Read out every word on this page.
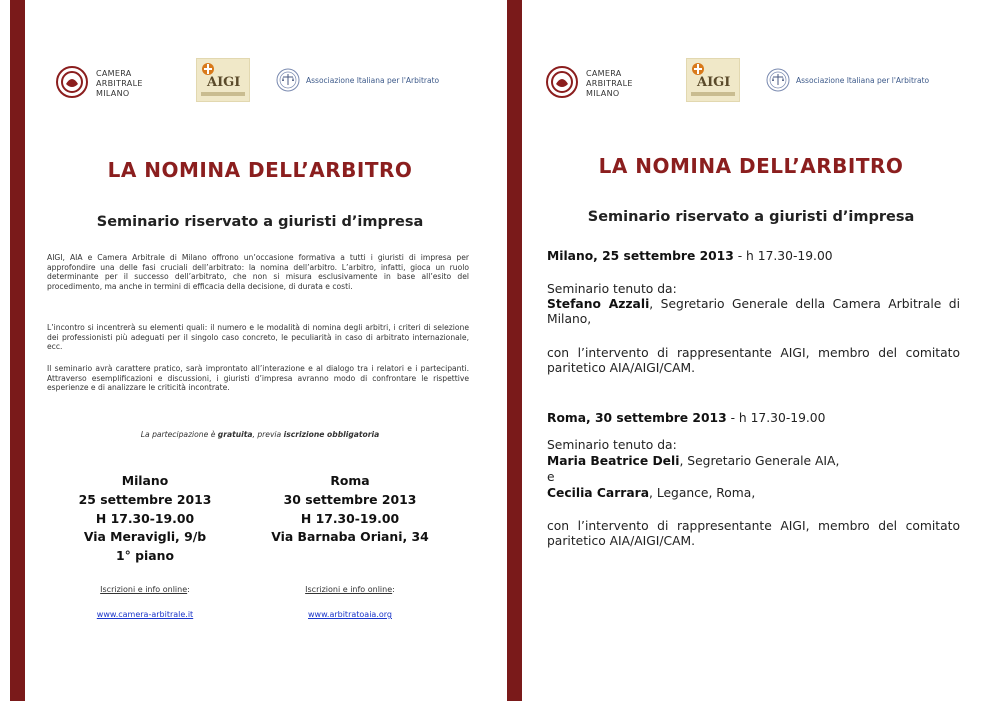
CAMERA
ARBITRALE
MILANO
AIGI	Associazione Italiana per l'Arbitrato
LA NOMINA DELL’ARBITRO
Seminario riservato a giuristi d’impresa
AIGI, AIA e Camera Arbitrale di Milano offrono un’occasione formativa a tutti i giuristi di impresa per approfondire una delle fasi cruciali dell’arbitrato: la nomina dell’arbitro. L’arbitro, infatti, gioca un ruolo determinante per il successo dell’arbitrato, che non si misura esclusivamente in base all’esito del procedimento, ma anche in termini di efficacia della decisione, di durata e costi.
L’incontro si incentrerà su elementi quali: il numero e le modalità di nomina degli arbitri, i criteri di selezione dei professionisti più adeguati per il singolo caso concreto, le peculiarità in caso di arbitrato internazionale, ecc.
Il seminario avrà carattere pratico, sarà improntato all’interazione e al dialogo tra i relatori e i partecipanti. Attraverso esemplificazioni e discussioni, i giuristi d’impresa avranno modo di confrontare le rispettive esperienze e di analizzare le criticità incontrate.
La partecipazione è gratuita, previa iscrizione obbligatoria
Milano
25 settembre 2013
H 17.30-19.00
Via Meravigli, 9/b
1° piano
Roma
30 settembre 2013
H 17.30-19.00
Via Barnaba Oriani, 34
Iscrizioni e info online:	Iscrizioni e info online:
www.camera-arbitrale.it	www.arbitratoaia.org
CAMERA
ARBITRALE
MILANO
AIGI	Associazione Italiana per l'Arbitrato
LA NOMINA DELL’ARBITRO
Seminario riservato a giuristi d’impresa
Milano, 25 settembre 2013 - h 17.30-19.00
Seminario tenuto da:
Stefano Azzali, Segretario Generale della Camera Arbitrale di Milano,
con l’intervento di rappresentante AIGI, membro del comitato paritetico AIA/AIGI/CAM.
Roma, 30 settembre 2013 - h 17.30-19.00
Seminario tenuto da:
Maria Beatrice Deli, Segretario Generale AIA,
e
Cecilia Carrara, Legance, Roma,
con l’intervento di rappresentante AIGI, membro del comitato paritetico AIA/AIGI/CAM.
